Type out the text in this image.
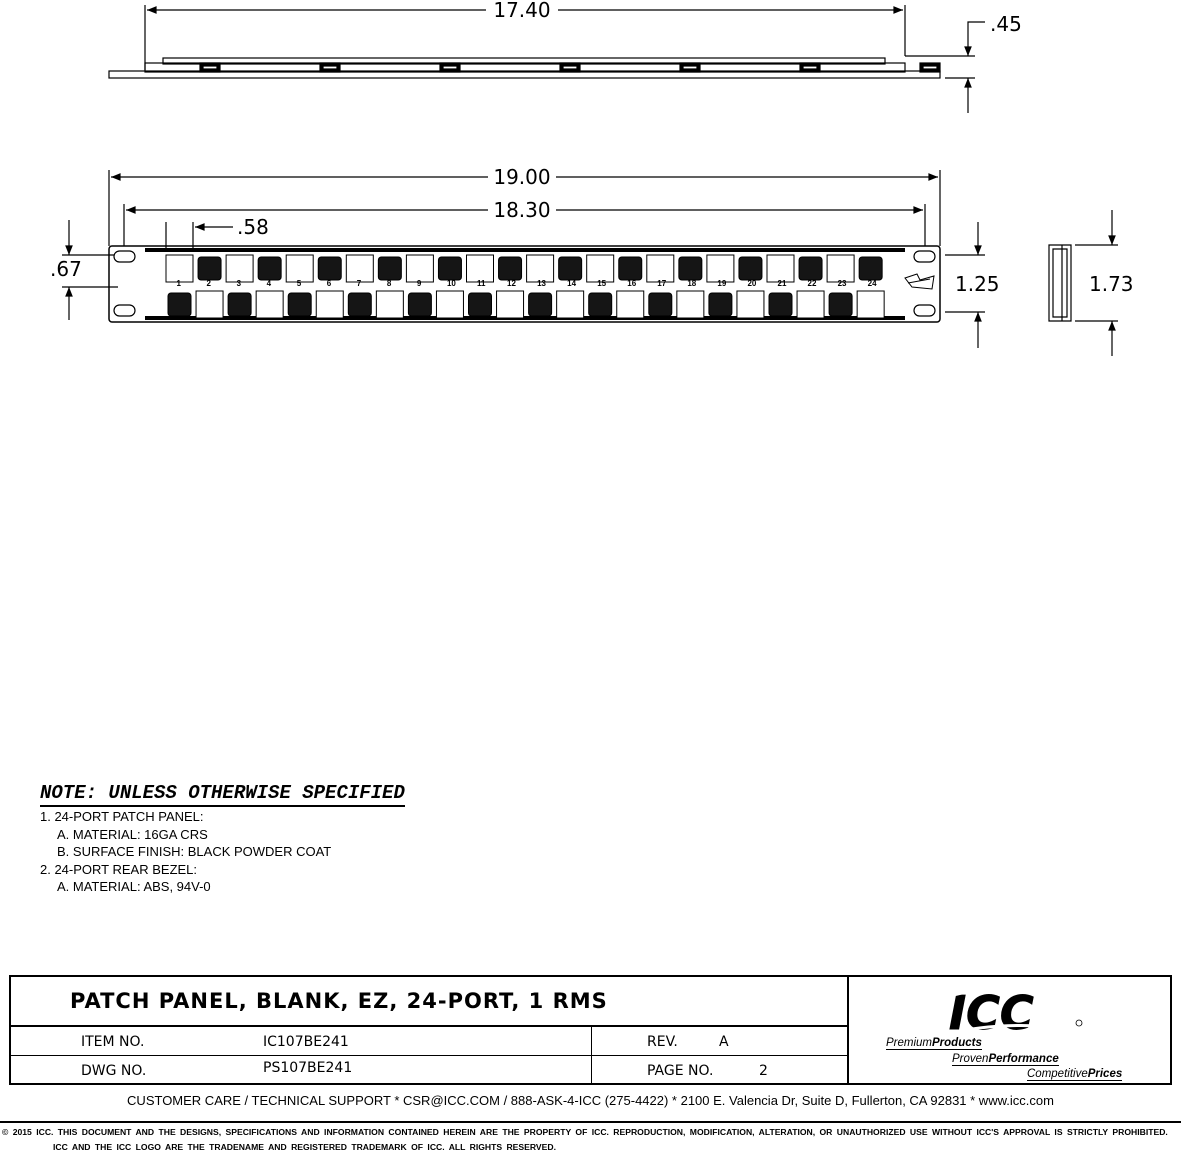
17.40
.45
19.00
18.30
.58
.67
1.25
1	2	3	4	5	6	7	8	9	10	11	12	13	14	15	16	17	18	19	20	21	22	23	24	1.73
NOTE: UNLESS OTHERWISE SPECIFIED
1. 24-PORT PATCH PANEL:
A. MATERIAL: 16GA CRS
B. SURFACE FINISH: BLACK POWDER COAT
2. 24-PORT REAR BEZEL:
A. MATERIAL: ABS, 94V-0
PATCH PANEL, BLANK, EZ, 24-PORT, 1 RMS
ITEM NO.	IC107BE241	REV.	A
DWG NO.	PS107BE241	PAGE NO.	2
ICC
PremiumProducts
ProvenPerformance
CompetitivePrices
CUSTOMER CARE / TECHNICAL SUPPORT * CSR@ICC.COM / 888-ASK-4-ICC (275-4422) * 2100 E. Valencia Dr, Suite D, Fullerton, CA 92831 * www.icc.com
© 2015 ICC. THIS DOCUMENT AND THE DESIGNS, SPECIFICATIONS AND INFORMATION CONTAINED HEREIN ARE THE PROPERTY OF ICC. REPRODUCTION, MODIFICATION, ALTERATION, OR UNAUTHORIZED USE WITHOUT ICC'S APPROVAL IS STRICTLY PROHIBITED.
ICC AND THE ICC LOGO ARE THE TRADENAME AND REGISTERED TRADEMARK OF ICC. ALL RIGHTS RESERVED.
